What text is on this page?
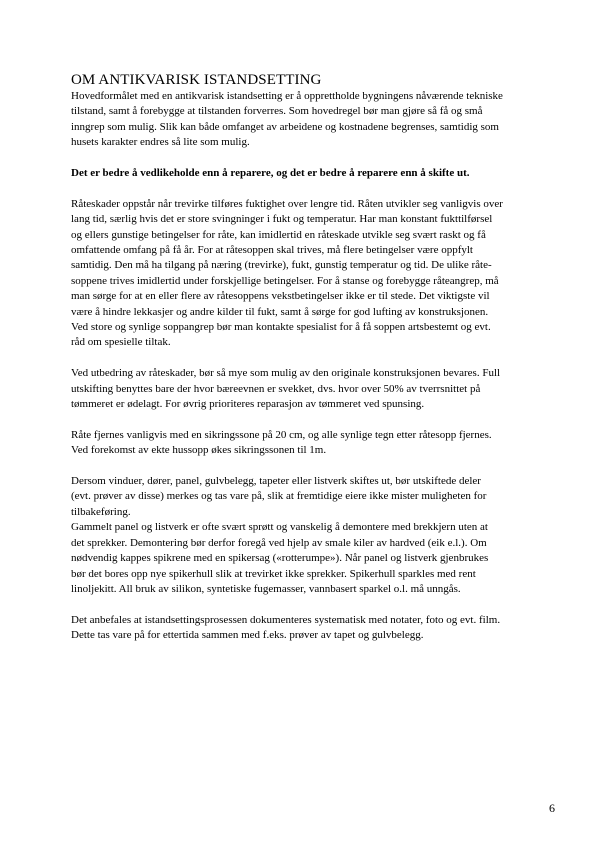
OM ANTIKVARISK ISTANDSETTING

Hovedformålet med en antikvarisk istandsetting er å opprettholde bygningens nåværende tekniske
tilstand, samt å forebygge at tilstanden forverres. Som hovedregel bør man gjøre så få og små
inngrep som mulig. Slik kan både omfanget av arbeidene og kostnadene begrenses, samtidig som
husets karakter endres så lite som mulig.

Det er bedre å vedlikeholde enn å reparere, og det er bedre å reparere enn å skifte ut.

Råteskader oppstår når trevirke tilføres fuktighet over lengre tid. Råten utvikler seg vanligvis over
lang tid, særlig hvis det er store svingninger i fukt og temperatur. Har man konstant fukttilførsel
og ellers gunstige betingelser for råte, kan imidlertid en råteskade utvikle seg svært raskt og få
omfattende omfang på få år. For at råtesoppen skal trives, må flere betingelser være oppfylt
samtidig. Den må ha tilgang på næring (trevirke), fukt, gunstig temperatur og tid. De ulike råte-
soppene trives imidlertid under forskjellige betingelser. For å stanse og forebygge råteangrep, må
man sørge for at en eller flere av råtesoppens vekstbetingelser ikke er til stede. Det viktigste vil
være å hindre lekkasjer og andre kilder til fukt, samt å sørge for god lufting av konstruksjonen.
Ved store og synlige soppangrep bør man kontakte spesialist for å få soppen artsbestemt og evt.
råd om spesielle tiltak.

Ved utbedring av råteskader, bør så mye som mulig av den originale konstruksjonen bevares. Full
utskifting benyttes bare der hvor bæreevnen er svekket, dvs. hvor over 50% av tverrsnittet på
tømmeret er ødelagt. For øvrig prioriteres reparasjon av tømmeret ved spunsing.

Råte fjernes vanligvis med en sikringssone på 20 cm, og alle synlige tegn etter råtesopp fjernes.
Ved forekomst av ekte hussopp økes sikringssonen til 1m.

Dersom vinduer, dører, panel, gulvbelegg, tapeter eller listverk skiftes ut, bør utskiftede deler
(evt. prøver av disse) merkes og tas vare på, slik at fremtidige eiere ikke mister muligheten for
tilbakeføring.

Gammelt panel og listverk er ofte svært sprøtt og vanskelig å demontere med brekkjern uten at
det sprekker. Demontering bør derfor foregå ved hjelp av smale kiler av hardved (eik e.l.). Om
nødvendig kappes spikrene med en spikersag («rotterumpe»). Når panel og listverk gjenbrukes
bør det bores opp nye spikerhull slik at trevirket ikke sprekker. Spikerhull sparkles med rent
linoljekitt. All bruk av silikon, syntetiske fugemasser, vannbasert sparkel o.l. må unngås.

Det anbefales at istandsettingsprosessen dokumenteres systematisk med notater, foto og evt. film.
Dette tas vare på for ettertida sammen med f.eks. prøver av tapet og gulvbelegg.

6
